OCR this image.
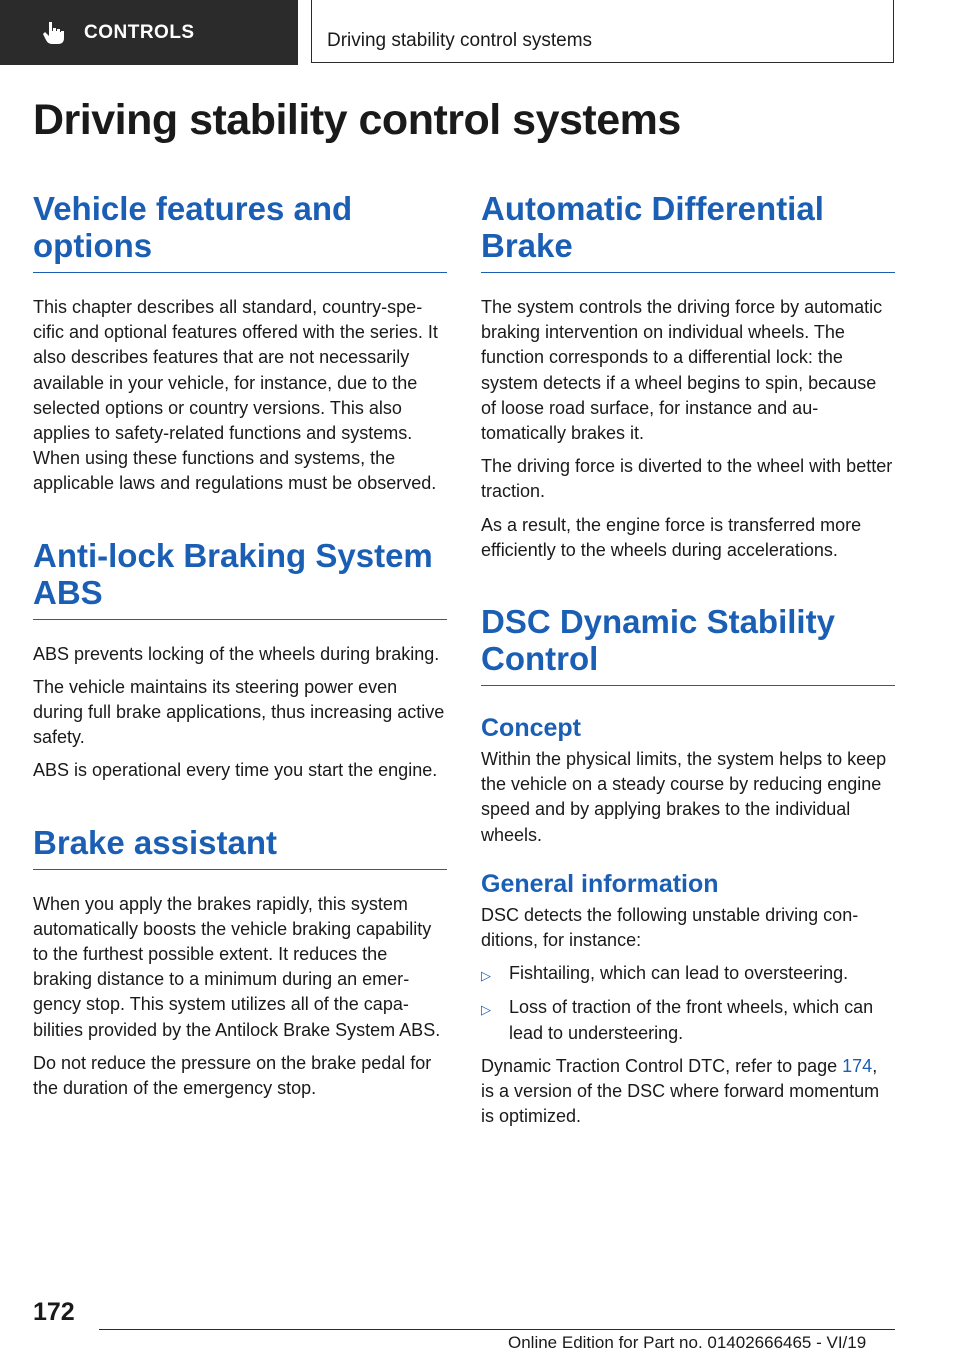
CONTROLS	Driving stability control systems
Driving stability control systems
Vehicle features and options

This chapter describes all standard, country-specific and optional features offered with the series. It also describes features that are not necessarily available in your vehicle, for instance, due to the selected options or country versions. This also applies to safety-related functions and systems. When using these functions and systems, the applicable laws and regulations must be observed.

Anti-lock Braking System ABS

ABS prevents locking of the wheels during braking.

The vehicle maintains its steering power even during full brake applications, thus increasing active safety.

ABS is operational every time you start the engine.

Brake assistant

When you apply the brakes rapidly, this system automatically boosts the vehicle braking capability to the furthest possible extent. It reduces the braking distance to a minimum during an emergency stop. This system utilizes all of the capabilities provided by the Antilock Brake System ABS.

Do not reduce the pressure on the brake pedal for the duration of the emergency stop.

Automatic Differential Brake

The system controls the driving force by automatic braking intervention on individual wheels. The function corresponds to a differential lock: the system detects if a wheel begins to spin, because of loose road surface, for instance and automatically brakes it.

The driving force is diverted to the wheel with better traction.

As a result, the engine force is transferred more efficiently to the wheels during accelerations.

DSC Dynamic Stability Control
Concept

Within the physical limits, the system helps to keep the vehicle on a steady course by reducing engine speed and by applying brakes to the individual wheels.

General information

DSC detects the following unstable driving conditions, for instance:

▷	Fishtailing, which can lead to oversteering.
▷	Loss of traction of the front wheels, which can lead to understeering.

Dynamic Traction Control DTC, refer to page 174, is a version of the DSC where forward momentum is optimized.

172
Online Edition for Part no. 01402666465 - VI/19
